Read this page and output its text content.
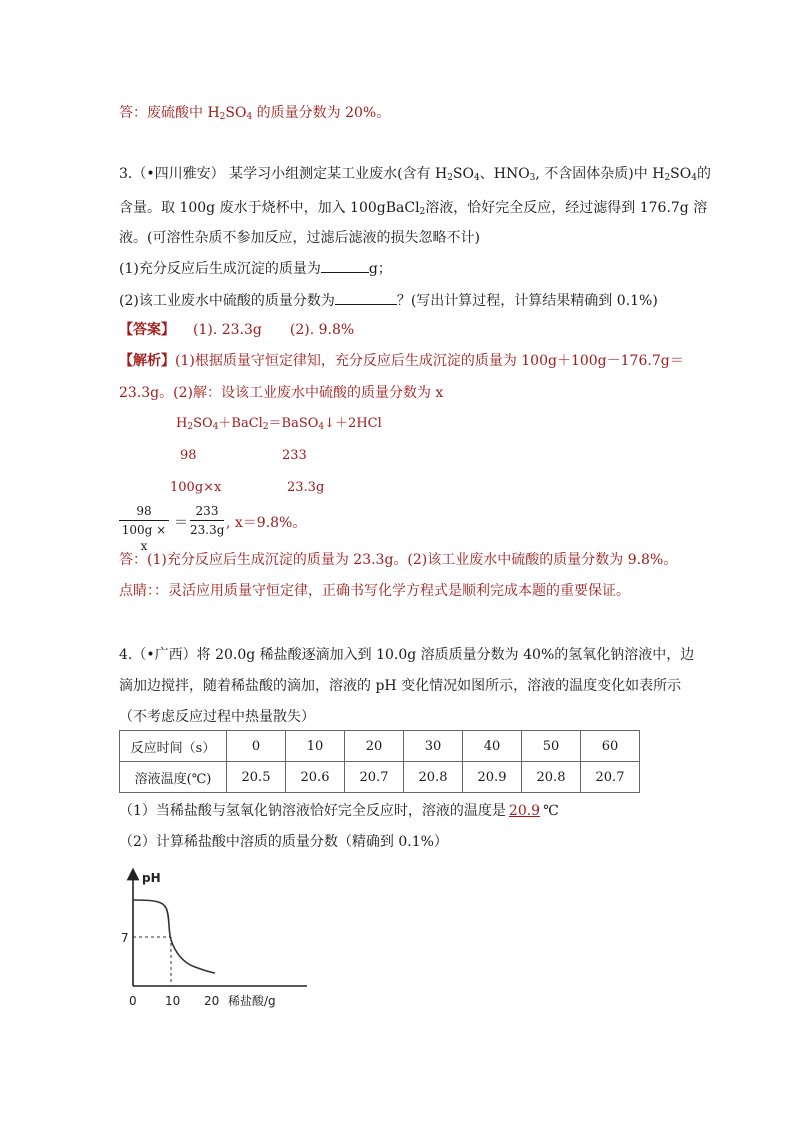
答：废硫酸中 $H_2SO_4$ 的质量分数为 20%。
3.（•四川雅安） 某学习小组测定某工业废水(含有 $H_2SO_4$、$HNO_3$, 不含固体杂质)中 $H_2SO_4$的
含量。取 100g 废水于烧杯中，加入 100gBaCl$_2$溶液，恰好完全反应，经过滤得到 176.7g 溶
液。(可溶性杂质不参加反应，过滤后滤液的损失忽略不计)
(1)充分反应后生成沉淀的质量为	g；
(2)该工业废水中硫酸的质量分数为	？(写出计算过程，计算结果精确到 0.1%)
【答案】 (1). 23.3g　　(2). 9.8%
【解析】(1)根据质量守恒定律知，充分反应后生成沉淀的质量为 100g＋100g－176.7g＝
23.3g。(2)解：设该工业废水中硫酸的质量分数为 x
$H_2SO_4+BaCl_2=BaSO_4↓+2HCl$
98	233
100g×x	23.3g
98
100g × x
＝
233
23.3g , x＝9.8%。
答：(1)充分反应后生成沉淀的质量为 23.3g。(2)该工业废水中硫酸的质量分数为 9.8%。
点睛：：灵活应用质量守恒定律，正确书写化学方程式是顺利完成本题的重要保证。
4.（•广西）将 20.0g 稀盐酸逐滴加入到 10.0g 溶质质量分数为 40%的氢氧化钠溶液中，边
滴加边搅拌，随着稀盐酸的滴加，溶液的 pH 变化情况如图所示，溶液的温度变化如表所示
（不考虑反应过程中热量散失）
反应时间（s）	0	10	20	30	40	50	60
溶液温度(℃)	20.5	20.6	20.7	20.8	20.9	20.8	20.7
（1）当稀盐酸与氢氧化钠溶液恰好完全反应时，溶液的温度是 20.9 ℃
（2）计算稀盐酸中溶质的质量分数（精确到 0.1%）
pH
7
0 10 20 稀盐酸/g
